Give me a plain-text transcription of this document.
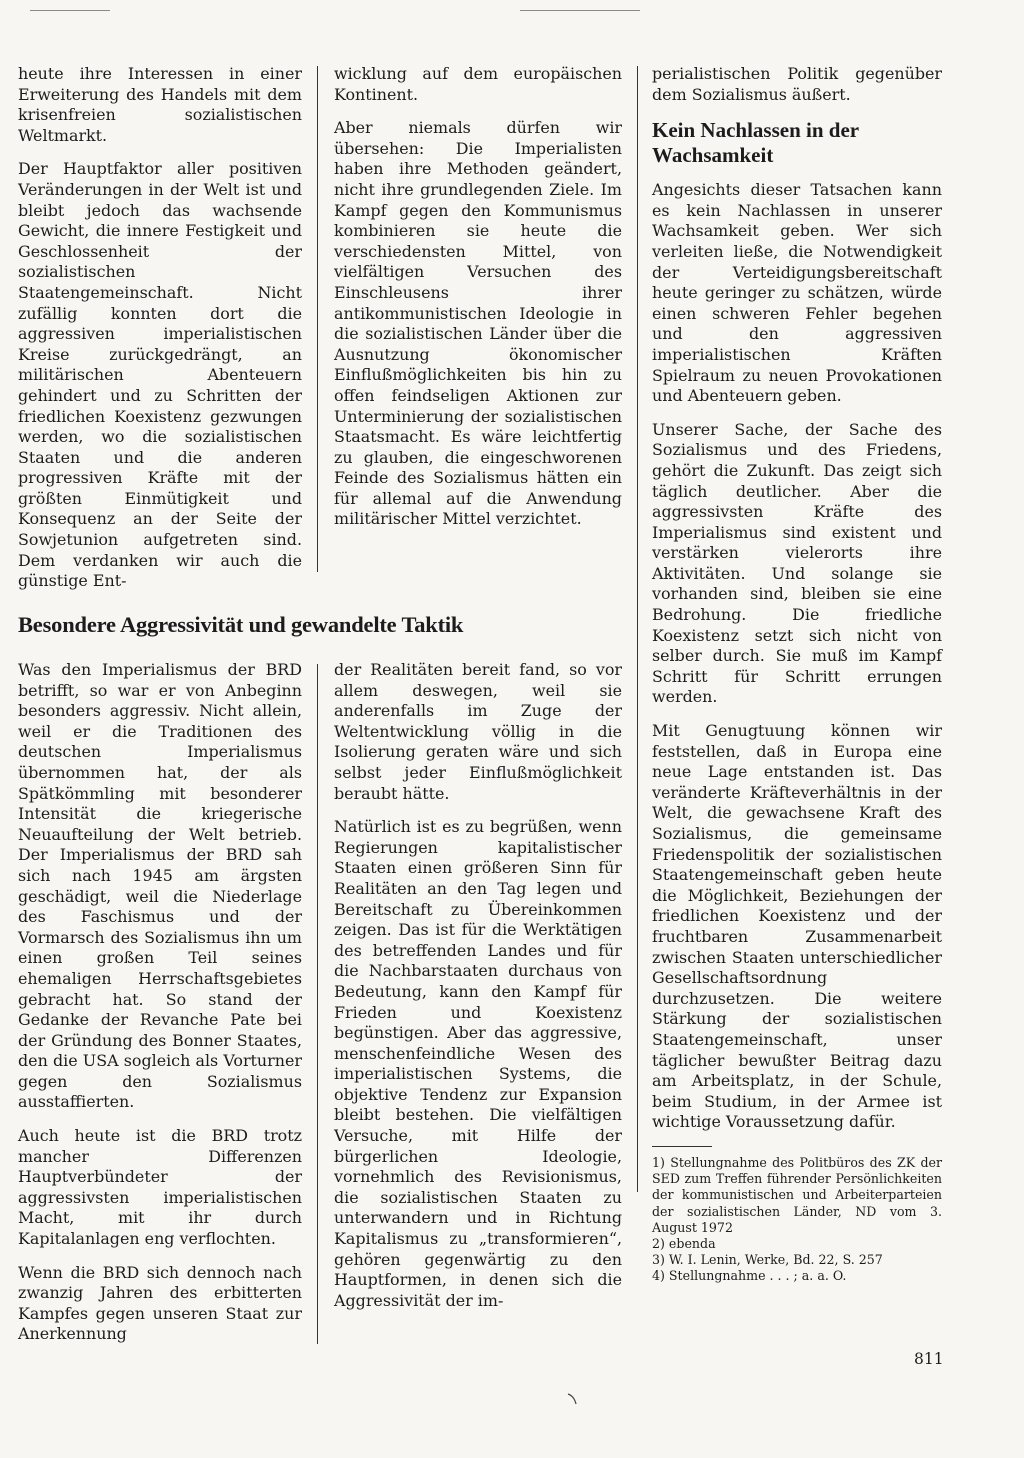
heute ihre Interessen in einer Erweiterung des Handels mit dem krisenfreien sozialistischen Weltmarkt.

Der Hauptfaktor aller positiven Veränderungen in der Welt ist und bleibt jedoch das wachsende Gewicht, die innere Festigkeit und Geschlossenheit der sozialistischen Staatengemeinschaft. Nicht zufällig konnten dort die aggressiven imperialistischen Kreise zurückgedrängt, an militärischen Abenteuern gehindert und zu Schritten der friedlichen Koexistenz gezwungen werden, wo die sozialistischen Staaten und die anderen progressiven Kräfte mit der größten Einmütigkeit und Konsequenz an der Seite der Sowjetunion aufgetreten sind. Dem verdanken wir auch die günstige Ent-

wicklung auf dem europäischen Kontinent.

Aber niemals dürfen wir übersehen: Die Imperialisten haben ihre Methoden geändert, nicht ihre grundlegenden Ziele. Im Kampf gegen den Kommunismus kombinieren sie heute die verschiedensten Mittel, von vielfältigen Versuchen des Einschleusens ihrer antikommunistischen Ideologie in die sozialistischen Länder über die Ausnutzung ökonomischer Einflußmöglichkeiten bis hin zu offen feindseligen Aktionen zur Unterminierung der sozialistischen Staatsmacht. Es wäre leichtfertig zu glauben, die eingeschworenen Feinde des Sozialismus hätten ein für allemal auf die Anwendung militärischer Mittel verzichtet.

Besondere Aggressivität und gewandelte Taktik

Was den Imperialismus der BRD betrifft, so war er von Anbeginn besonders aggressiv. Nicht allein, weil er die Traditionen des deutschen Imperialismus übernommen hat, der als Spätkömmling mit besonderer Intensität die kriegerische Neuaufteilung der Welt betrieb. Der Imperialismus der BRD sah sich nach 1945 am ärgsten geschädigt, weil die Niederlage des Faschismus und der Vormarsch des Sozialismus ihn um einen großen Teil seines ehemaligen Herrschaftsgebietes gebracht hat. So stand der Gedanke der Revanche Pate bei der Gründung des Bonner Staates, den die USA sogleich als Vorturner gegen den Sozialismus ausstaffierten.

Auch heute ist die BRD trotz mancher Differenzen Hauptverbündeter der aggressivsten imperialistischen Macht, mit ihr durch Kapitalanlagen eng verflochten.

Wenn die BRD sich dennoch nach zwanzig Jahren des erbitterten Kampfes gegen unseren Staat zur Anerkennung

der Realitäten bereit fand, so vor allem deswegen, weil sie anderenfalls im Zuge der Weltentwicklung völlig in die Isolierung geraten wäre und sich selbst jeder Einflußmöglichkeit beraubt hätte.

Natürlich ist es zu begrüßen, wenn Regierungen kapitalistischer Staaten einen größeren Sinn für Realitäten an den Tag legen und Bereitschaft zu Übereinkommen zeigen. Das ist für die Werktätigen des betreffenden Landes und für die Nachbarstaaten durchaus von Bedeutung, kann den Kampf für Frieden und Koexistenz begünstigen. Aber das aggressive, menschenfeindliche Wesen des imperialistischen Systems, die objektive Tendenz zur Expansion bleibt bestehen. Die vielfältigen Versuche, mit Hilfe der bürgerlichen Ideologie, vornehmlich des Revisionismus, die sozialistischen Staaten zu unterwandern und in Richtung Kapitalismus zu „transformieren“, gehören gegenwärtig zu den Hauptformen, in denen sich die Aggressivität der im-

perialistischen Politik gegenüber dem Sozialismus äußert.

Kein Nachlassen in der Wachsamkeit

Angesichts dieser Tatsachen kann es kein Nachlassen in unserer Wachsamkeit geben. Wer sich verleiten ließe, die Notwendigkeit der Verteidigungsbereitschaft heute geringer zu schätzen, würde einen schweren Fehler begehen und den aggressiven imperialistischen Kräften Spielraum zu neuen Provokationen und Abenteuern geben.

Unserer Sache, der Sache des Sozialismus und des Friedens, gehört die Zukunft. Das zeigt sich täglich deutlicher. Aber die aggressivsten Kräfte des Imperialismus sind existent und verstärken vielerorts ihre Aktivitäten. Und solange sie vorhanden sind, bleiben sie eine Bedrohung. Die friedliche Koexistenz setzt sich nicht von selber durch. Sie muß im Kampf Schritt für Schritt errungen werden.

Mit Genugtuung können wir feststellen, daß in Europa eine neue Lage entstanden ist. Das veränderte Kräfteverhältnis in der Welt, die gewachsene Kraft des Sozialismus, die gemeinsame Friedenspolitik der sozialistischen Staatengemeinschaft geben heute die Möglichkeit, Beziehungen der friedlichen Koexistenz und der fruchtbaren Zusammenarbeit zwischen Staaten unterschiedlicher Gesellschaftsordnung durchzusetzen. Die weitere Stärkung der sozialistischen Staatengemeinschaft, unser täglicher bewußter Beitrag dazu am Arbeitsplatz, in der Schule, beim Studium, in der Armee ist wichtige Voraussetzung dafür.

1) Stellungnahme des Politbüros des ZK der SED zum Treffen führender Persönlichkeiten der kommunistischen und Arbeiterparteien der sozialistischen Länder, ND vom 3. August 1972

2) ebenda

3) W. I. Lenin, Werke, Bd. 22, S. 257

4) Stellungnahme . . . ; a. a. O.

811
